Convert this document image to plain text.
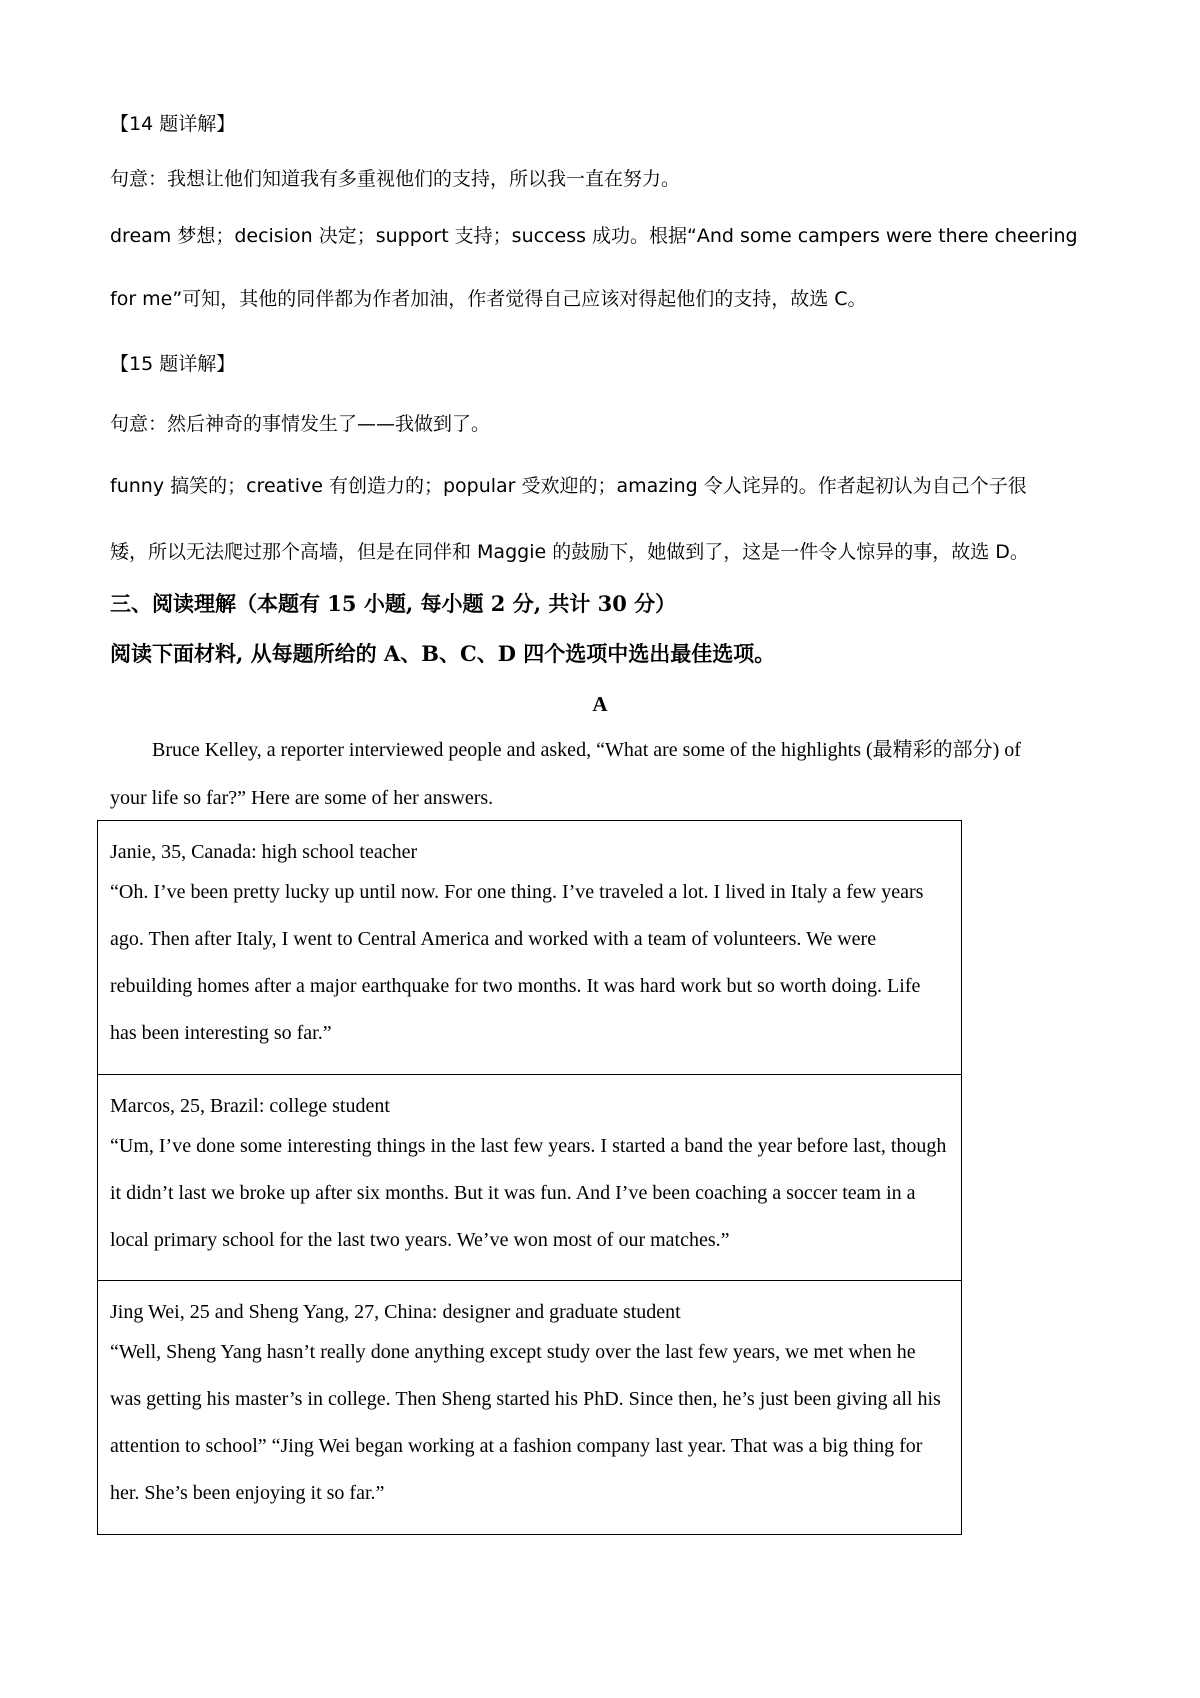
【14 题详解】
句意：我想让他们知道我有多重视他们的支持，所以我一直在努力。
dream 梦想；decision 决定；support 支持；success 成功。根据“And some campers were there cheering
for me”可知，其他的同伴都为作者加油，作者觉得自己应该对得起他们的支持，故选 C。
【15 题详解】
句意：然后神奇的事情发生了——我做到了。
funny 搞笑的；creative 有创造力的；popular 受欢迎的；amazing 令人诧异的。作者起初认为自己个子很
矮，所以无法爬过那个高墙，但是在同伴和 Maggie 的鼓励下，她做到了，这是一件令人惊异的事，故选 D。
三、阅读理解（本题有 15 小题, 每小题 2 分, 共计 30 分）
阅读下面材料, 从每题所给的 A、B、C、D 四个选项中选出最佳选项。
A
Bruce Kelley, a reporter interviewed people and asked, “What are some of the highlights (最精彩的部分) of
your life so far?” Here are some of her answers.
Janie, 35, Canada: high school teacher
“Oh. I’ve been pretty lucky up until now. For one thing. I’ve traveled a lot. I lived in Italy a few years ago. Then after Italy, I went to Central America and worked with a team of volunteers. We were rebuilding homes after a major earthquake for two months. It was hard work but so worth doing. Life has been interesting so far.”

Marcos, 25, Brazil: college student
“Um, I’ve done some interesting things in the last few years. I started a band the year before last, though it didn’t last we broke up after six months. But it was fun. And I’ve been coaching a soccer team in a local primary school for the last two years. We’ve won most of our matches.”

Jing Wei, 25 and Sheng Yang, 27, China: designer and graduate student
“Well, Sheng Yang hasn’t really done anything except study over the last few years, we met when he was getting his master’s in college. Then Sheng started his PhD. Since then, he’s just been giving all his attention to school” “Jing Wei began working at a fashion company last year. That was a big thing for her. She’s been enjoying it so far.”
